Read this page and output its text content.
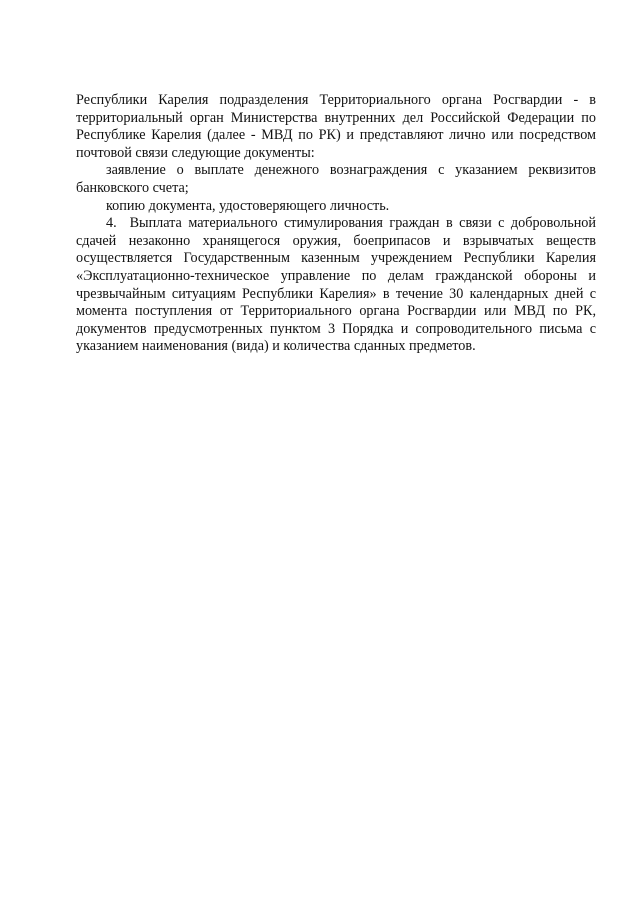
Республики Карелия подразделения Территориального органа Росгвардии - в территориальный орган Министерства внутренних дел Российской Федерации по Республике Карелия (далее - МВД по РК) и представляют лично или посредством почтовой связи следующие документы:

заявление о выплате денежного вознаграждения с указанием реквизитов банковского счета;

копию документа, удостоверяющего личность.

4.  Выплата материального стимулирования граждан в связи с добровольной сдачей незаконно хранящегося оружия, боеприпасов и взрывчатых веществ осуществляется Государственным казенным учреждением Республики Карелия «Эксплуатационно-техническое управление по делам гражданской обороны и чрезвычайным ситуациям Республики Карелия» в течение 30 календарных дней с момента поступления от Территориального органа Росгвардии или МВД по РК, документов предусмотренных пунктом 3 Порядка и сопроводительного письма с указанием наименования (вида) и количества сданных предметов.
